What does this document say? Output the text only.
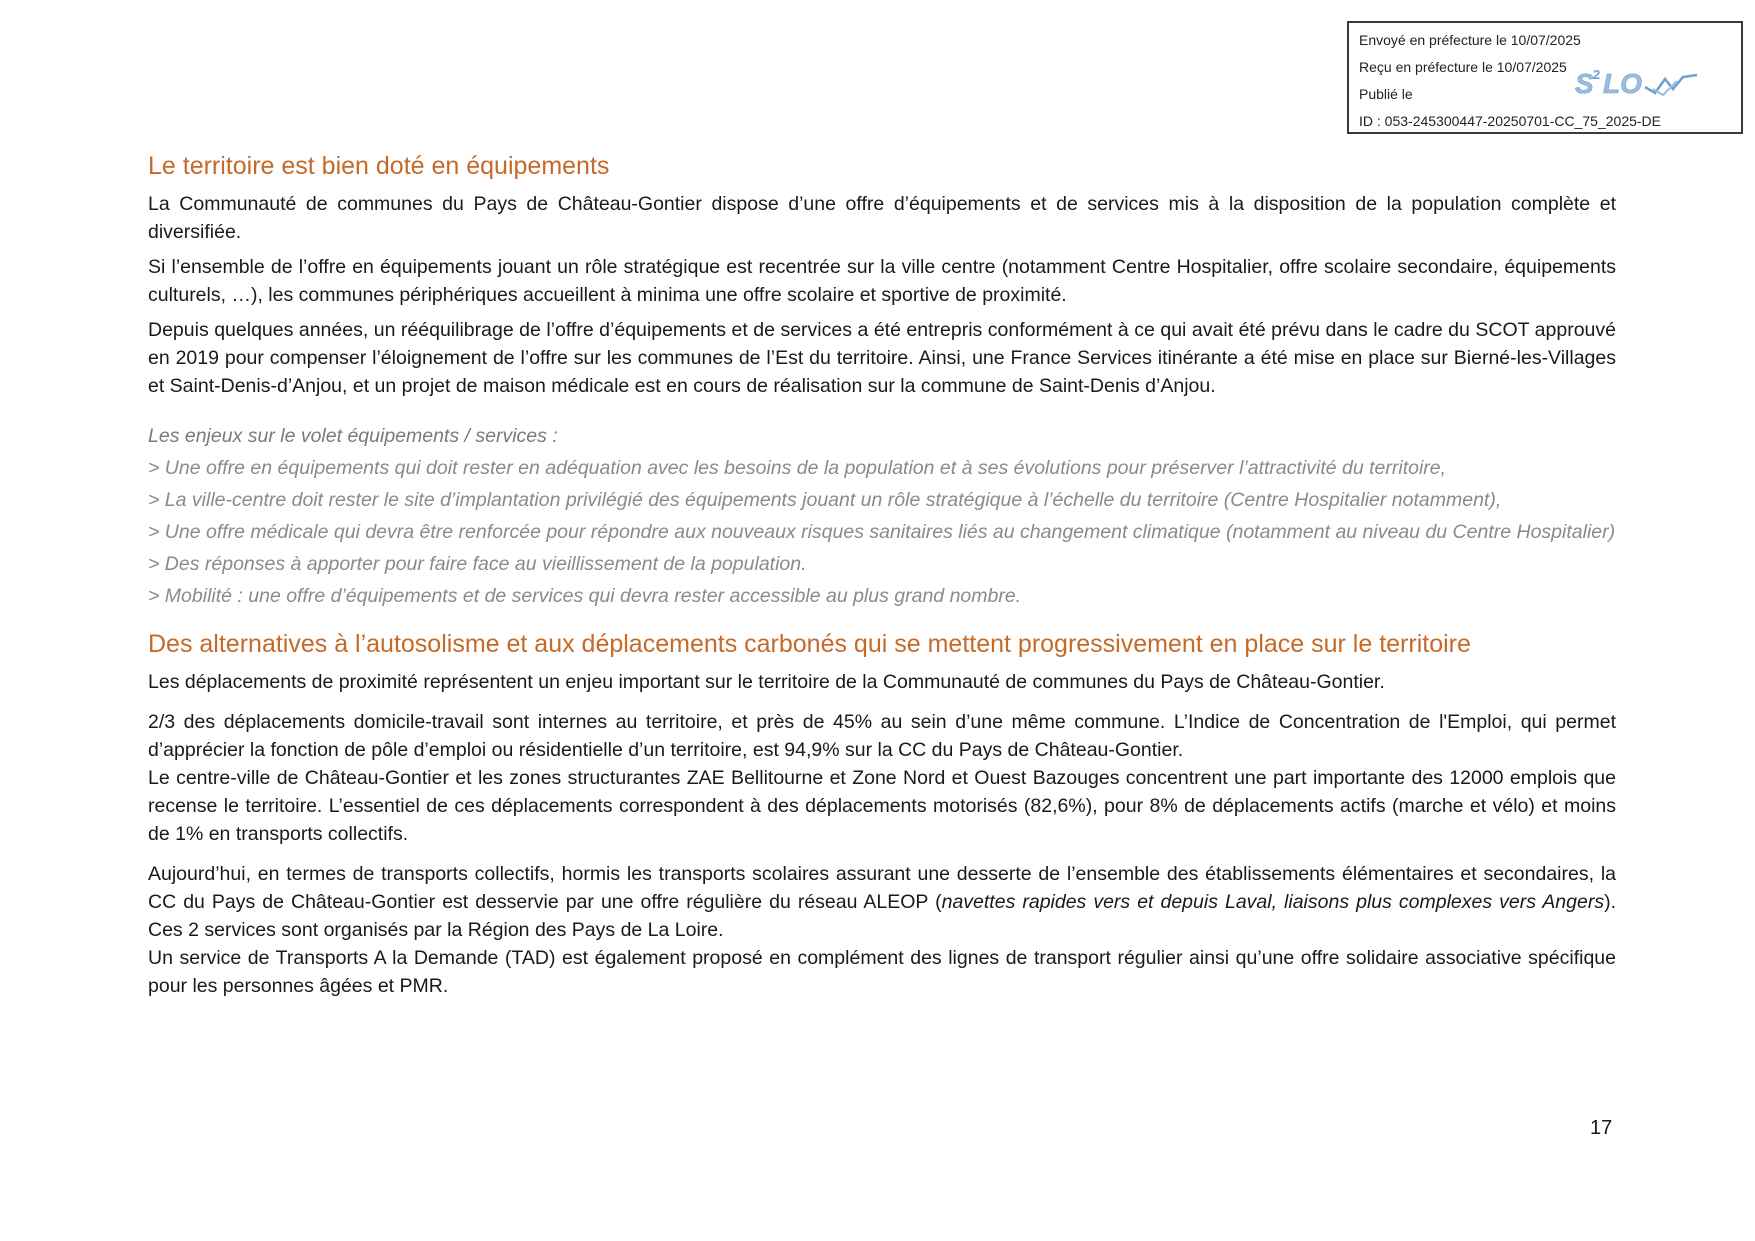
Envoyé en préfecture le 10/07/2025
Reçu en préfecture le 10/07/2025
Publié le
ID : 053-245300447-20250701-CC_75_2025-DE
S 2 LO
Le territoire est bien doté en équipements

La Communauté de communes du Pays de Château-Gontier dispose d’une offre d’équipements et de services mis à la disposition de la population complète et diversifiée.

Si l’ensemble de l’offre en équipements jouant un rôle stratégique est recentrée sur la ville centre (notamment Centre Hospitalier, offre scolaire secondaire, équipements culturels, …), les communes périphériques accueillent à minima une offre scolaire et sportive de proximité.

Depuis quelques années, un rééquilibrage de l’offre d’équipements et de services a été entrepris conformément à ce qui avait été prévu dans le cadre du SCOT approuvé en 2019 pour compenser l’éloignement de l’offre sur les communes de l’Est du territoire. Ainsi, une France Services itinérante a été mise en place sur Bierné-les-Villages et Saint-Denis-d’Anjou, et un projet de maison médicale est en cours de réalisation sur la commune de Saint-Denis d’Anjou.

Les enjeux sur le volet équipements / services :

> Une offre en équipements qui doit rester en adéquation avec les besoins de la population et à ses évolutions pour préserver l’attractivité du territoire,

> La ville-centre doit rester le site d’implantation privilégié des équipements jouant un rôle stratégique à l’échelle du territoire (Centre Hospitalier notamment),

> Une offre médicale qui devra être renforcée pour répondre aux nouveaux risques sanitaires liés au changement climatique (notamment au niveau du Centre Hospitalier)

> Des réponses à apporter pour faire face au vieillissement de la population.

> Mobilité : une offre d’équipements et de services qui devra rester accessible au plus grand nombre.

Des alternatives à l’autosolisme et aux déplacements carbonés qui se mettent progressivement en place sur le territoire

Les déplacements de proximité représentent un enjeu important sur le territoire de la Communauté de communes du Pays de Château-Gontier.

2/3 des déplacements domicile-travail sont internes au territoire, et près de 45% au sein d’une même commune. L’Indice de Concentration de l'Emploi, qui permet d’apprécier la fonction de pôle d’emploi ou résidentielle d’un territoire, est 94,9% sur la CC du Pays de Château-Gontier.

Le centre-ville de Château-Gontier et les zones structurantes ZAE Bellitourne et Zone Nord et Ouest Bazouges concentrent une part importante des 12000 emplois que recense le territoire. L’essentiel de ces déplacements correspondent à des déplacements motorisés (82,6%), pour 8% de déplacements actifs (marche et vélo) et moins de 1% en transports collectifs.

Aujourd’hui, en termes de transports collectifs, hormis les transports scolaires assurant une desserte de l’ensemble des établissements élémentaires et secondaires, la CC du Pays de Château-Gontier est desservie par une offre régulière du réseau ALEOP (navettes rapides vers et depuis Laval, liaisons plus complexes vers Angers). Ces 2 services sont organisés par la Région des Pays de La Loire.

Un service de Transports A la Demande (TAD) est également proposé en complément des lignes de transport régulier ainsi qu’une offre solidaire associative spécifique pour les personnes âgées et PMR.

17
